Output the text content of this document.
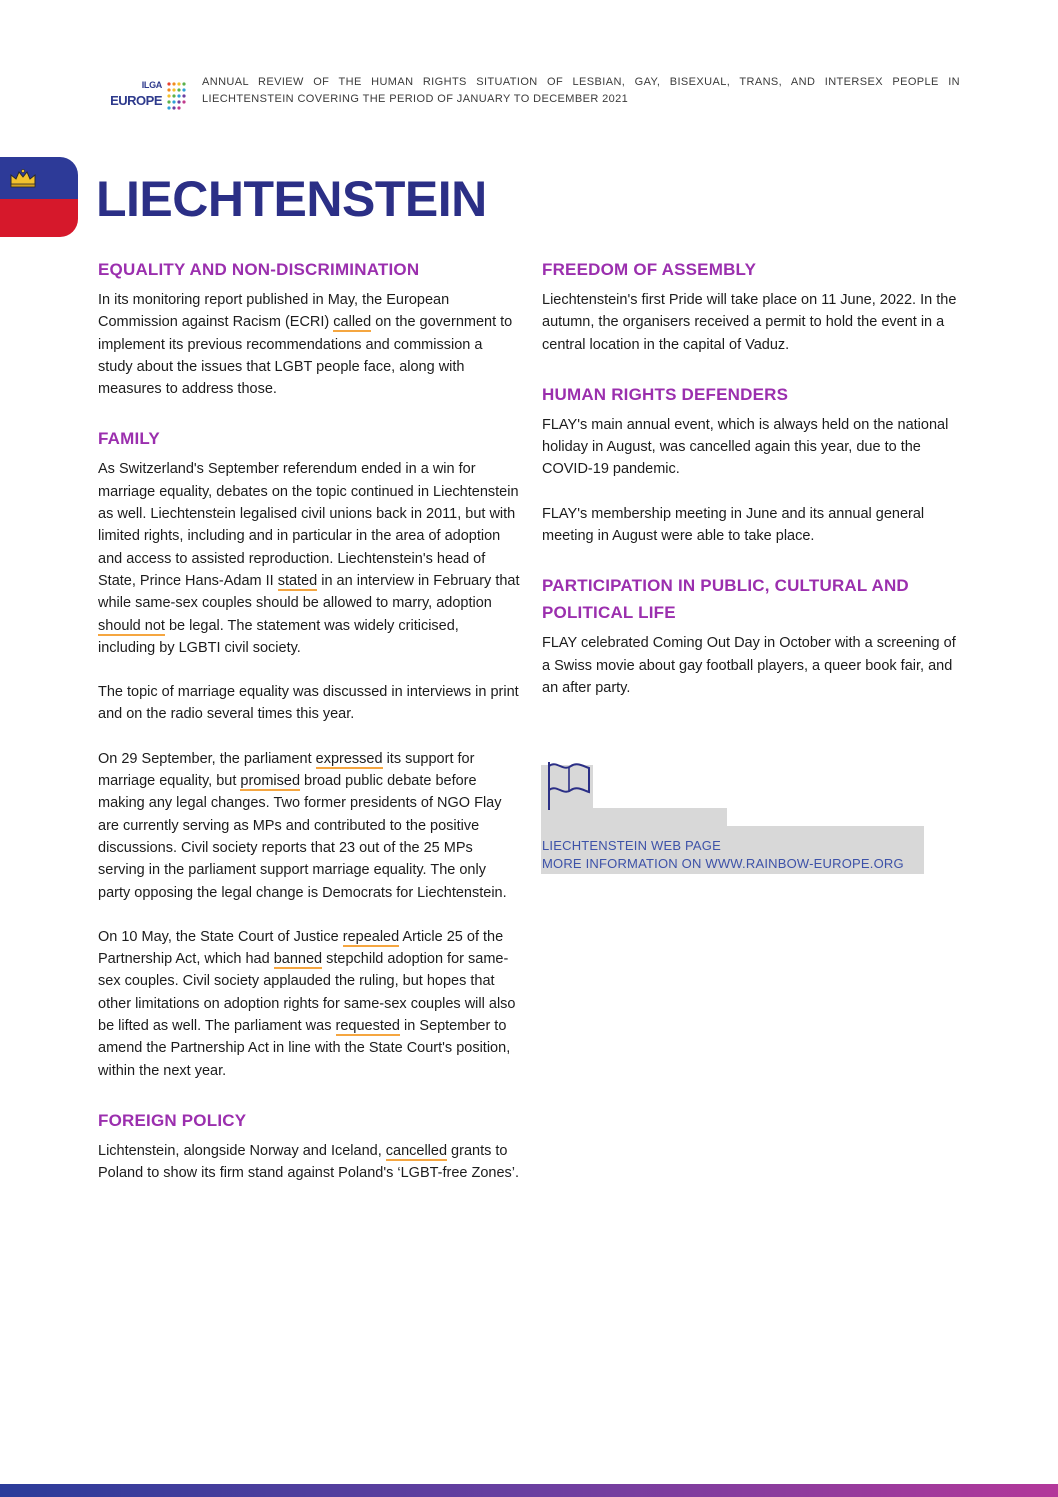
ILGA
EUROPE
ANNUAL REVIEW OF THE HUMAN RIGHTS SITUATION OF LESBIAN, GAY, BISEXUAL, TRANS, AND INTERSEX PEOPLE IN LIECHTENSTEIN COVERING THE PERIOD OF JANUARY TO DECEMBER 2021
LIECHTENSTEIN
EQUALITY AND NON-DISCRIMINATION

In its monitoring report published in May, the European Commission against Racism (ECRI) called on the government to implement its previous recommendations and commission a study about the issues that LGBT people face, along with measures to address those.

FAMILY

As Switzerland's September referendum ended in a win for marriage equality, debates on the topic continued in Liechtenstein as well. Liechtenstein legalised civil unions back in 2011, but with limited rights, including and in particular in the area of adoption and access to assisted reproduction. Liechtenstein's head of State, Prince Hans-Adam II stated in an interview in February that while same-sex couples should be allowed to marry, adoption should not be legal. The statement was widely criticised, including by LGBTI civil society.

The topic of marriage equality was discussed in interviews in print and on the radio several times this year.

On 29 September, the parliament expressed its support for marriage equality, but promised broad public debate before making any legal changes. Two former presidents of NGO Flay are currently serving as MPs and contributed to the positive discussions. Civil society reports that 23 out of the 25 MPs serving in the parliament support marriage equality. The only party opposing the legal change is Democrats for Liechtenstein.

On 10 May, the State Court of Justice repealed Article 25 of the Partnership Act, which had banned stepchild adoption for same-sex couples. Civil society applauded the ruling, but hopes that other limitations on adoption rights for same-sex couples will also be lifted as well. The parliament was requested in September to amend the Partnership Act in line with the State Court's position, within the next year.

FOREIGN POLICY

Lichtenstein, alongside Norway and Iceland, cancelled grants to Poland to show its firm stand against Poland's ‘LGBT-free Zones’.

FREEDOM OF ASSEMBLY

Liechtenstein's first Pride will take place on 11 June, 2022. In the autumn, the organisers received a permit to hold the event in a central location in the capital of Vaduz.

HUMAN RIGHTS DEFENDERS

FLAY's main annual event, which is always held on the national holiday in August, was cancelled again this year, due to the COVID-19 pandemic.

FLAY's membership meeting in June and its annual general meeting in August were able to take place.

PARTICIPATION IN PUBLIC, CULTURAL AND POLITICAL LIFE

FLAY celebrated Coming Out Day in October with a screening of a Swiss movie about gay football players, a queer book fair, and an after party.

LIECHTENSTEIN WEB PAGE
MORE INFORMATION ON WWW.RAINBOW-EUROPE.ORG
